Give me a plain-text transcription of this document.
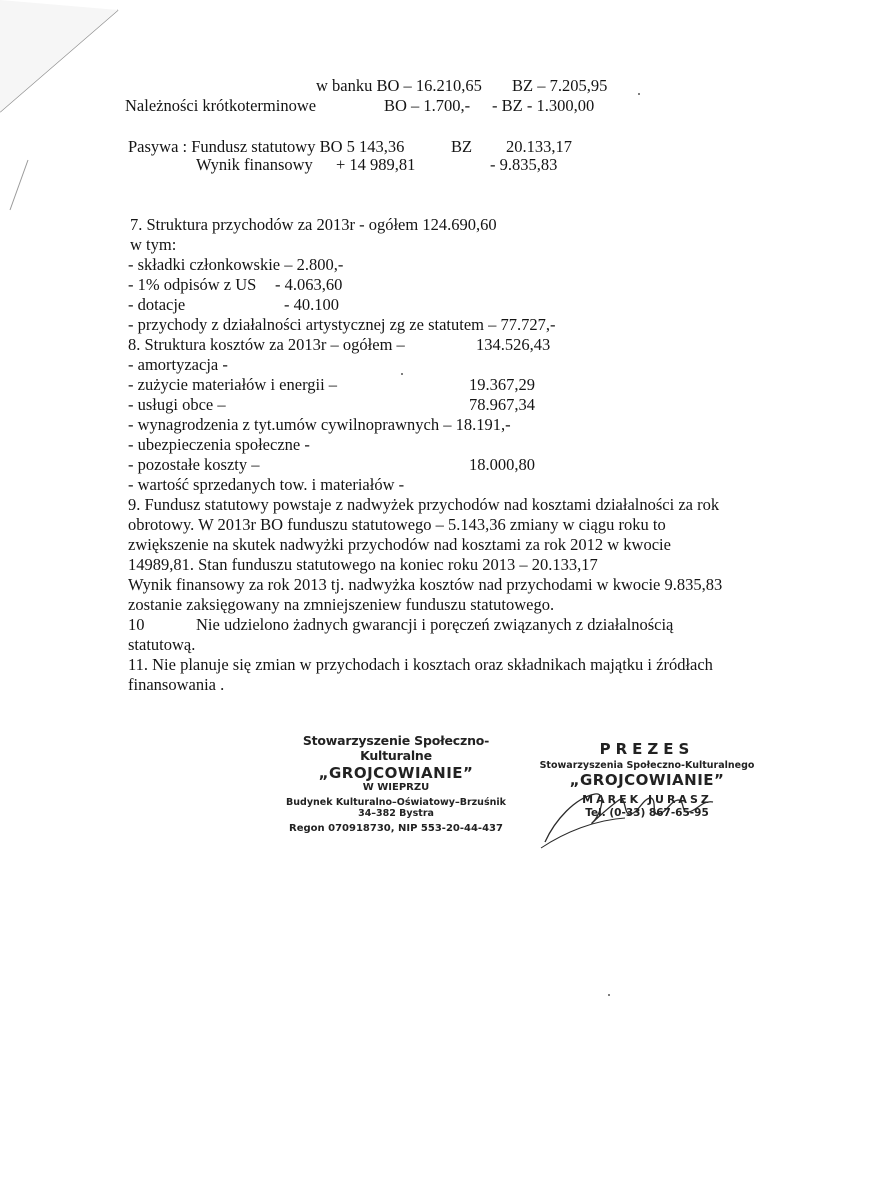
w banku BO – 16.210,65 BZ – 7.205,95
Należności krótkoterminowe	BO – 1.700,- - BZ - 1.300,00
Pasywa : Fundusz statutowy BO 5 143,36	BZ 20.133,17
Wynik finansowy + 14 989,81	- 9.835,83
7. Struktura przychodów za 2013r - ogółem 124.690,60
w tym:
- składki członkowskie – 2.800,-
- 1% odpisów z US - 4.063,60
- dotacje	- 40.100
- przychody z działalności artystycznej zg ze statutem – 77.727,-
8. Struktura kosztów za 2013r – ogółem –	134.526,43
- amortyzacja -
- zużycie materiałów i energii –	19.367,29
- usługi obce –	78.967,34
- wynagrodzenia z tyt.umów cywilnoprawnych – 18.191,-
- ubezpieczenia społeczne -
- pozostałe koszty –	18.000,80
- wartość sprzedanych tow. i materiałów -
9. Fundusz statutowy powstaje z nadwyżek przychodów nad kosztami działalności za rok
obrotowy. W 2013r BO funduszu statutowego – 5.143,36 zmiany w ciągu roku to
zwiększenie na skutek nadwyżki przychodów nad kosztami za rok 2012 w kwocie
14989,81. Stan funduszu statutowego na koniec roku 2013 – 20.133,17
Wynik finansowy za rok 2013 tj. nadwyżka kosztów nad przychodami w kwocie 9.835,83
zostanie zaksięgowany na zmniejszeniew funduszu statutowego.
10	Nie udzielono żadnych gwarancji i poręczeń związanych z działalnością
statutową.
11. Nie planuje się zmian w przychodach i kosztach oraz składnikach majątku i źródłach
finansowania .
Stowarzyszenie Społeczno-Kulturalne
„GROJCOWIANIE”
W WIEPRZU
Budynek Kulturalno–Oświatowy–Brzuśnik
34–382 Bystra
Regon 070918730, NIP 553-20-44-437
PREZES
Stowarzyszenia Społeczno-Kulturalnego
„GROJCOWIANIE”
MAREK JURASZ
Tel. (0-33) 867-65-95
